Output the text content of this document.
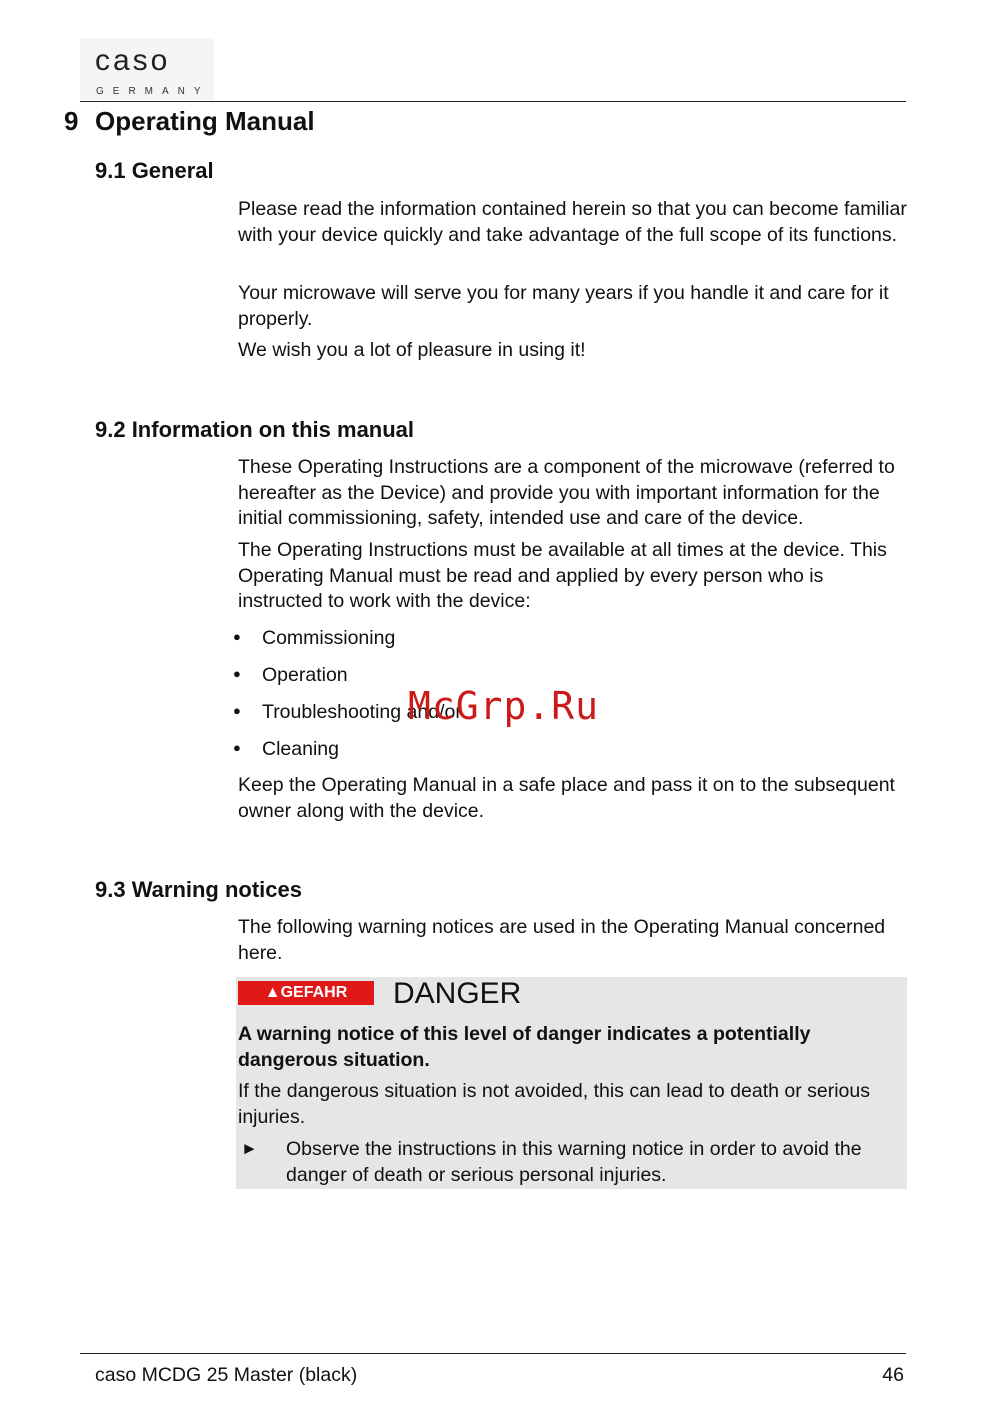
caso
GERMANY
9 Operating Manual
9.1 General
Please read the information contained herein so that you can become familiar with your device quickly and take advantage of the full scope of its functions.
Your microwave will serve you for many years if you handle it and care for it properly.
We wish you a lot of pleasure in using it!
9.2 Information on this manual
These Operating Instructions are a component of the microwave (referred to hereafter as the Device) and provide you with important information for the initial commissioning, safety, intended use and care of the device.
The Operating Instructions must be available at all times at the device. This Operating Manual must be read and applied by every person who is instructed to work with the device:
● Commissioning
● Operation
● Troubleshooting and/or
● Cleaning
McGrp.Ru
Keep the Operating Manual in a safe place and pass it on to the subsequent owner along with the device.
9.3 Warning notices
The following warning notices are used in the Operating Manual concerned here.
▲GEFAHR	DANGER
A warning notice of this level of danger indicates a potentially dangerous situation.
If the dangerous situation is not avoided, this can lead to death or serious injuries.
► Observe the instructions in this warning notice in order to avoid the danger of death or serious personal injuries.
caso MCDG 25 Master (black)	46
